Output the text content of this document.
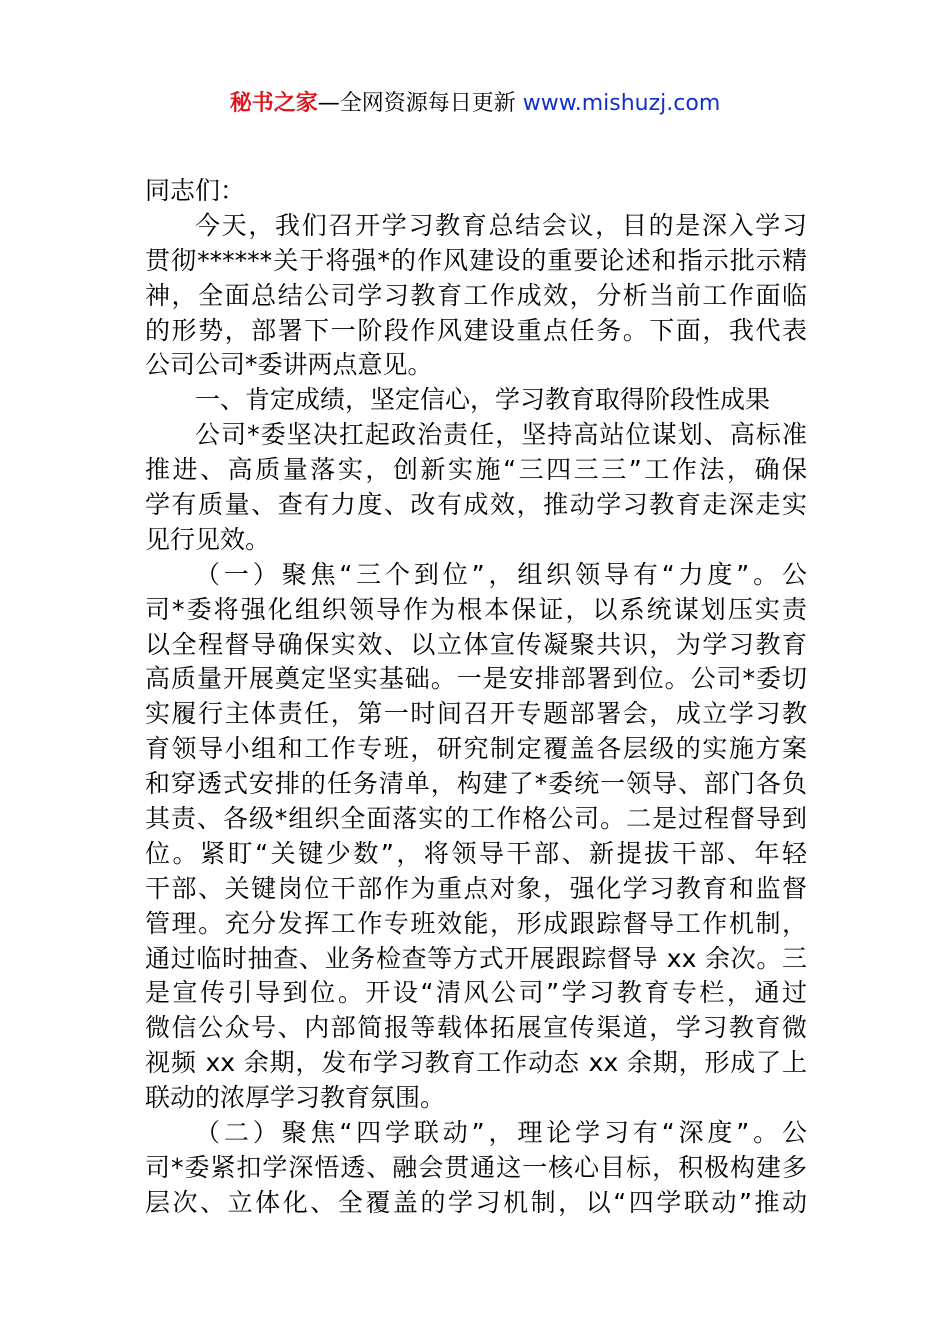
秘书之家—全网资源每日更新 www.mishuzj.com
同志们：
今天，我们召开学习教育总结会议，目的是深入学习
贯彻******关于将强*的作风建设的重要论述和指示批示精
神，全面总结公司学习教育工作成效，分析当前工作面临
的形势，部署下一阶段作风建设重点任务。下面，我代表
公司公司*委讲两点意见。
一、肯定成绩，坚定信心，学习教育取得阶段性成果
公司*委坚决扛起政治责任，坚持高站位谋划、高标准
推进、高质量落实，创新实施“三四三三”工作法，确保
学有质量、查有力度、改有成效，推动学习教育走深走实
见行见效。
（一）聚焦“三个到位”，组织领导有“力度”。公
司*委将强化组织领导作为根本保证，以系统谋划压实责
以全程督导确保实效、以立体宣传凝聚共识，为学习教育
高质量开展奠定坚实基础。一是安排部署到位。公司*委切
实履行主体责任，第一时间召开专题部署会，成立学习教
育领导小组和工作专班，研究制定覆盖各层级的实施方案
和穿透式安排的任务清单，构建了*委统一领导、部门各负
其责、各级*组织全面落实的工作格公司。二是过程督导到
位。紧盯“关键少数”，将领导干部、新提拔干部、年轻
干部、关键岗位干部作为重点对象，强化学习教育和监督
管理。充分发挥工作专班效能，形成跟踪督导工作机制，
通过临时抽查、业务检查等方式开展跟踪督导 xx 余次。三
是宣传引导到位。开设“清风公司”学习教育专栏，通过
微信公众号、内部简报等载体拓展宣传渠道，学习教育微
视频 xx 余期，发布学习教育工作动态 xx 余期，形成了上
联动的浓厚学习教育氛围。
（二）聚焦“四学联动”，理论学习有“深度”。公
司*委紧扣学深悟透、融会贯通这一核心目标，积极构建多
层次、立体化、全覆盖的学习机制，以“四学联动”推动
